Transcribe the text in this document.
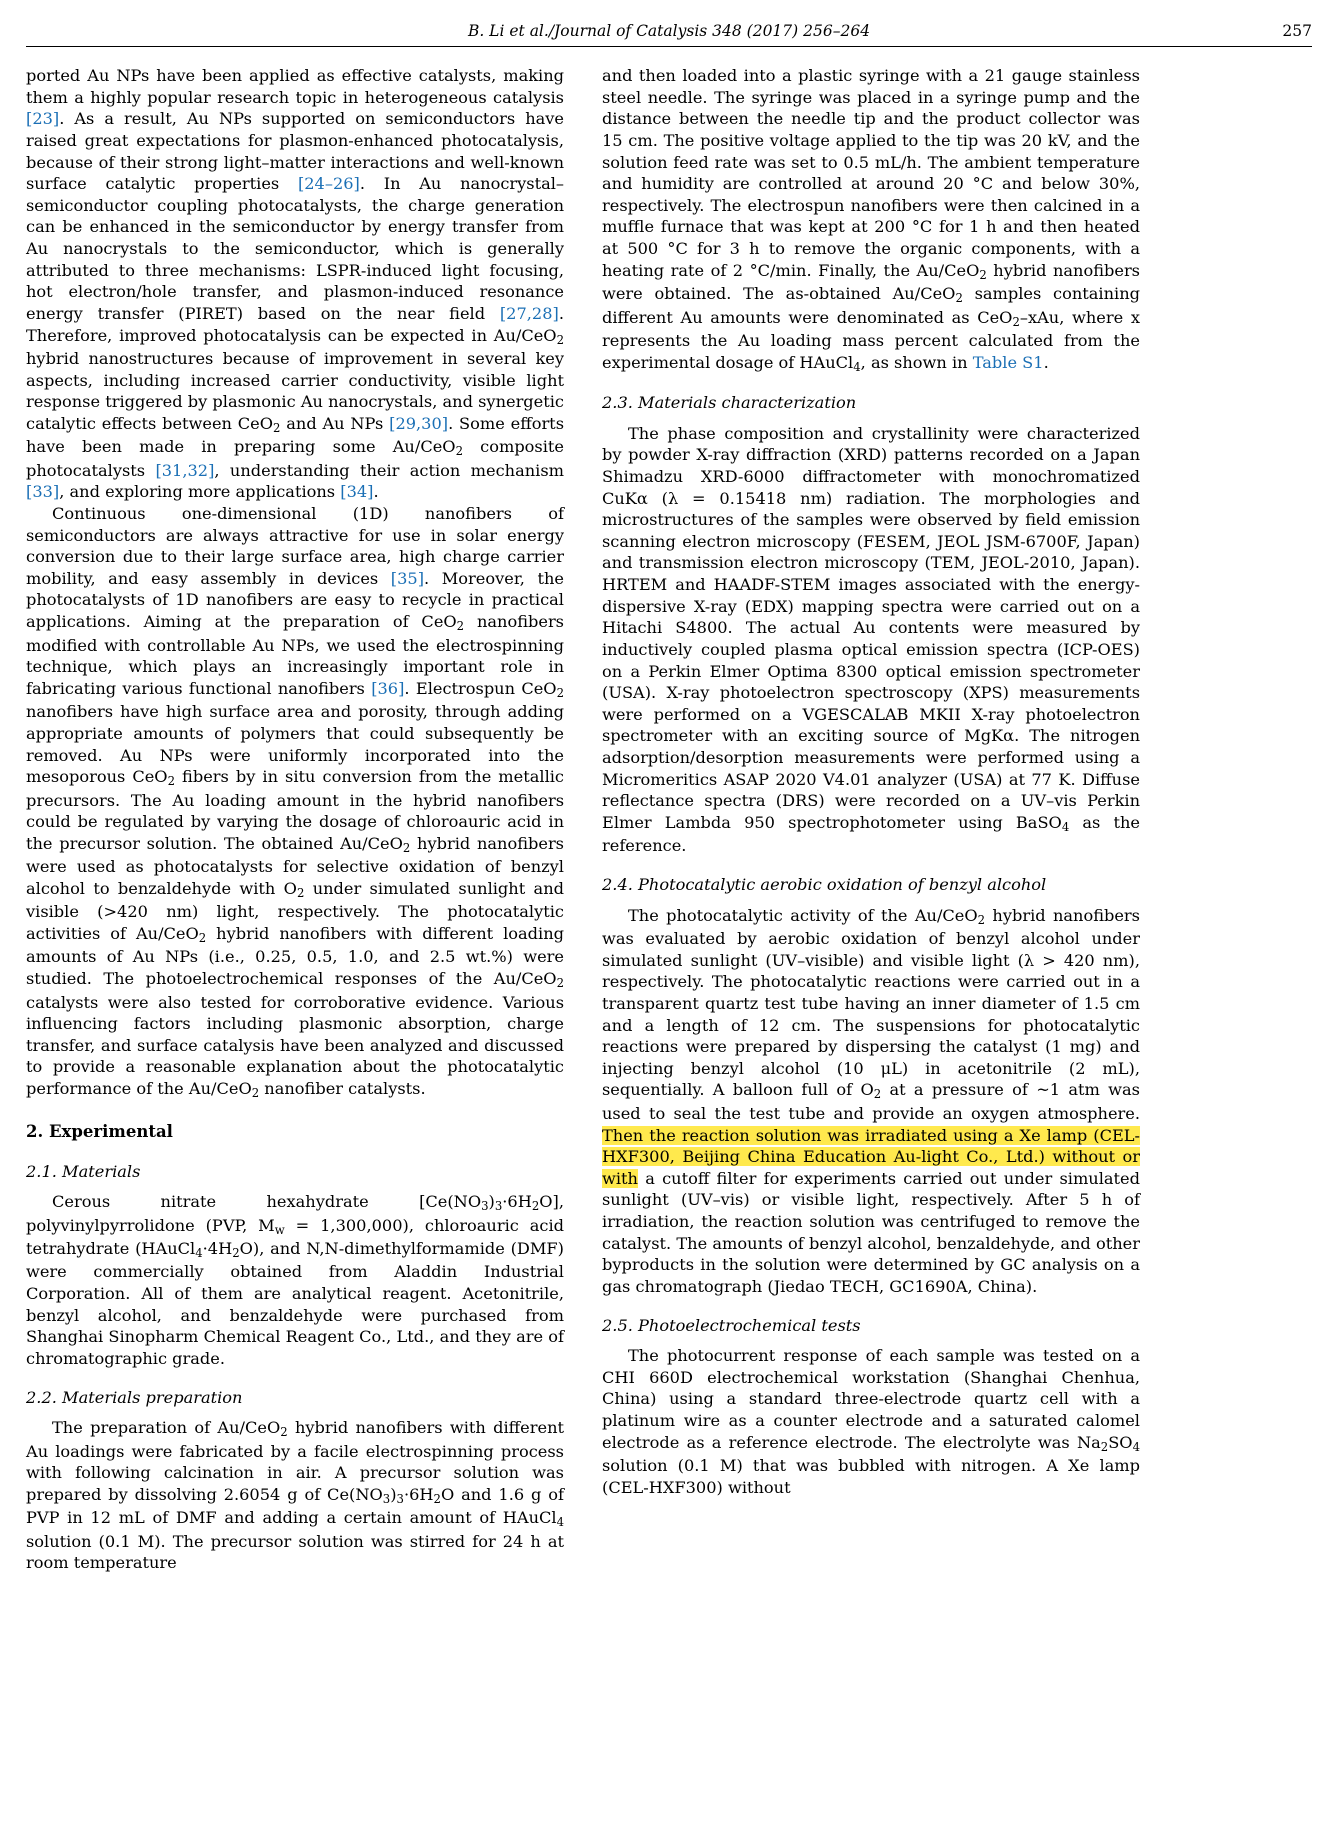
B. Li et al./Journal of Catalysis 348 (2017) 256–264	257

ported Au NPs have been applied as effective catalysts, making them a highly popular research topic in heterogeneous catalysis [23]. As a result, Au NPs supported on semiconductors have raised great expectations for plasmon-enhanced photocatalysis, because of their strong light–matter interactions and well-known surface catalytic properties [24–26]. In Au nanocrystal–semiconductor coupling photocatalysts, the charge generation can be enhanced in the semiconductor by energy transfer from Au nanocrystals to the semiconductor, which is generally attributed to three mechanisms: LSPR-induced light focusing, hot electron/hole transfer, and plasmon-induced resonance energy transfer (PIRET) based on the near field [27,28]. Therefore, improved photocatalysis can be expected in Au/CeO$_2$ hybrid nanostructures because of improvement in several key aspects, including increased carrier conductivity, visible light response triggered by plasmonic Au nanocrystals, and synergetic catalytic effects between CeO$_2$ and Au NPs [29,30]. Some efforts have been made in preparing some Au/CeO$_2$ composite photocatalysts [31,32], understanding their action mechanism [33], and exploring more applications [34].

Continuous one-dimensional (1D) nanofibers of semiconductors are always attractive for use in solar energy conversion due to their large surface area, high charge carrier mobility, and easy assembly in devices [35]. Moreover, the photocatalysts of 1D nanofibers are easy to recycle in practical applications. Aiming at the preparation of CeO$_2$ nanofibers modified with controllable Au NPs, we used the electrospinning technique, which plays an increasingly important role in fabricating various functional nanofibers [36]. Electrospun CeO$_2$ nanofibers have high surface area and porosity, through adding appropriate amounts of polymers that could subsequently be removed. Au NPs were uniformly incorporated into the mesoporous CeO$_2$ fibers by in situ conversion from the metallic precursors. The Au loading amount in the hybrid nanofibers could be regulated by varying the dosage of chloroauric acid in the precursor solution. The obtained Au/CeO$_2$ hybrid nanofibers were used as photocatalysts for selective oxidation of benzyl alcohol to benzaldehyde with $O_2$ under simulated sunlight and visible (>420 nm) light, respectively. The photocatalytic activities of Au/CeO$_2$ hybrid nanofibers with different loading amounts of Au NPs (i.e., 0.25, 0.5, 1.0, and 2.5 wt.%) were studied. The photoelectrochemical responses of the Au/CeO$_2$ catalysts were also tested for corroborative evidence. Various influencing factors including plasmonic absorption, charge transfer, and surface catalysis have been analyzed and discussed to provide a reasonable explanation about the photocatalytic performance of the Au/CeO$_2$ nanofiber catalysts.

2. Experimental

2.1. Materials

Cerous nitrate hexahydrate $[Ce(NO_3)_3\cdot 6H_2O]$, polyvinylpyrrolidone (PVP, $M_w = 1,300,000$), chloroauric acid tetrahydrate $(HAuCl_4\cdot 4H_2O)$, and N,N-dimethylformamide (DMF) were commercially obtained from Aladdin Industrial Corporation. All of them are analytical reagent. Acetonitrile, benzyl alcohol, and benzaldehyde were purchased from Shanghai Sinopharm Chemical Reagent Co., Ltd., and they are of chromatographic grade.

2.2. Materials preparation

The preparation of Au/CeO$_2$ hybrid nanofibers with different Au loadings were fabricated by a facile electrospinning process with following calcination in air. A precursor solution was prepared by dissolving 2.6054 g of $Ce(NO_3)_3\cdot 6H_2O$ and 1.6 g of PVP in 12 mL of DMF and adding a certain amount of HAuCl$_4$ solution (0.1 M). The precursor solution was stirred for 24 h at room temperature

and then loaded into a plastic syringe with a 21 gauge stainless steel needle. The syringe was placed in a syringe pump and the distance between the needle tip and the product collector was 15 cm. The positive voltage applied to the tip was 20 kV, and the solution feed rate was set to 0.5 mL/h. The ambient temperature and humidity are controlled at around 20 °C and below 30%, respectively. The electrospun nanofibers were then calcined in a muffle furnace that was kept at 200 °C for 1 h and then heated at 500 °C for 3 h to remove the organic components, with a heating rate of 2 °C/min. Finally, the Au/CeO$_2$ hybrid nanofibers were obtained. The as-obtained Au/CeO$_2$ samples containing different Au amounts were denominated as CeO$_2$–xAu, where x represents the Au loading mass percent calculated from the experimental dosage of HAuCl$_4$, as shown in Table S1.

2.3. Materials characterization

The phase composition and crystallinity were characterized by powder X-ray diffraction (XRD) patterns recorded on a Japan Shimadzu XRD-6000 diffractometer with monochromatized CuKα (λ = 0.15418 nm) radiation. The morphologies and microstructures of the samples were observed by field emission scanning electron microscopy (FESEM, JEOL JSM-6700F, Japan) and transmission electron microscopy (TEM, JEOL-2010, Japan). HRTEM and HAADF-STEM images associated with the energy-dispersive X-ray (EDX) mapping spectra were carried out on a Hitachi S4800. The actual Au contents were measured by inductively coupled plasma optical emission spectra (ICP-OES) on a Perkin Elmer Optima 8300 optical emission spectrometer (USA). X-ray photoelectron spectroscopy (XPS) measurements were performed on a VGESCALAB MKII X-ray photoelectron spectrometer with an exciting source of MgKα. The nitrogen adsorption/desorption measurements were performed using a Micromeritics ASAP 2020 V4.01 analyzer (USA) at 77 K. Diffuse reflectance spectra (DRS) were recorded on a UV–vis Perkin Elmer Lambda 950 spectrophotometer using BaSO$_4$ as the reference.

2.4. Photocatalytic aerobic oxidation of benzyl alcohol

The photocatalytic activity of the Au/CeO$_2$ hybrid nanofibers was evaluated by aerobic oxidation of benzyl alcohol under simulated sunlight (UV–visible) and visible light (λ > 420 nm), respectively. The photocatalytic reactions were carried out in a transparent quartz test tube having an inner diameter of 1.5 cm and a length of 12 cm. The suspensions for photocatalytic reactions were prepared by dispersing the catalyst (1 mg) and injecting benzyl alcohol (10 μL) in acetonitrile (2 mL), sequentially. A balloon full of $O_2$ at a pressure of ~1 atm was used to seal the test tube and provide an oxygen atmosphere. Then the reaction solution was irradiated using a Xe lamp (CEL-HXF300, Beijing China Education Au-light Co., Ltd.) without or with a cutoff filter for experiments carried out under simulated sunlight (UV–vis) or visible light, respectively. After 5 h of irradiation, the reaction solution was centrifuged to remove the catalyst. The amounts of benzyl alcohol, benzaldehyde, and other byproducts in the solution were determined by GC analysis on a gas chromatograph (Jiedao TECH, GC1690A, China).

2.5. Photoelectrochemical tests

The photocurrent response of each sample was tested on a CHI 660D electrochemical workstation (Shanghai Chenhua, China) using a standard three-electrode quartz cell with a platinum wire as a counter electrode and a saturated calomel electrode as a reference electrode. The electrolyte was $Na_2SO_4$ solution (0.1 M) that was bubbled with nitrogen. A Xe lamp (CEL-HXF300) without
